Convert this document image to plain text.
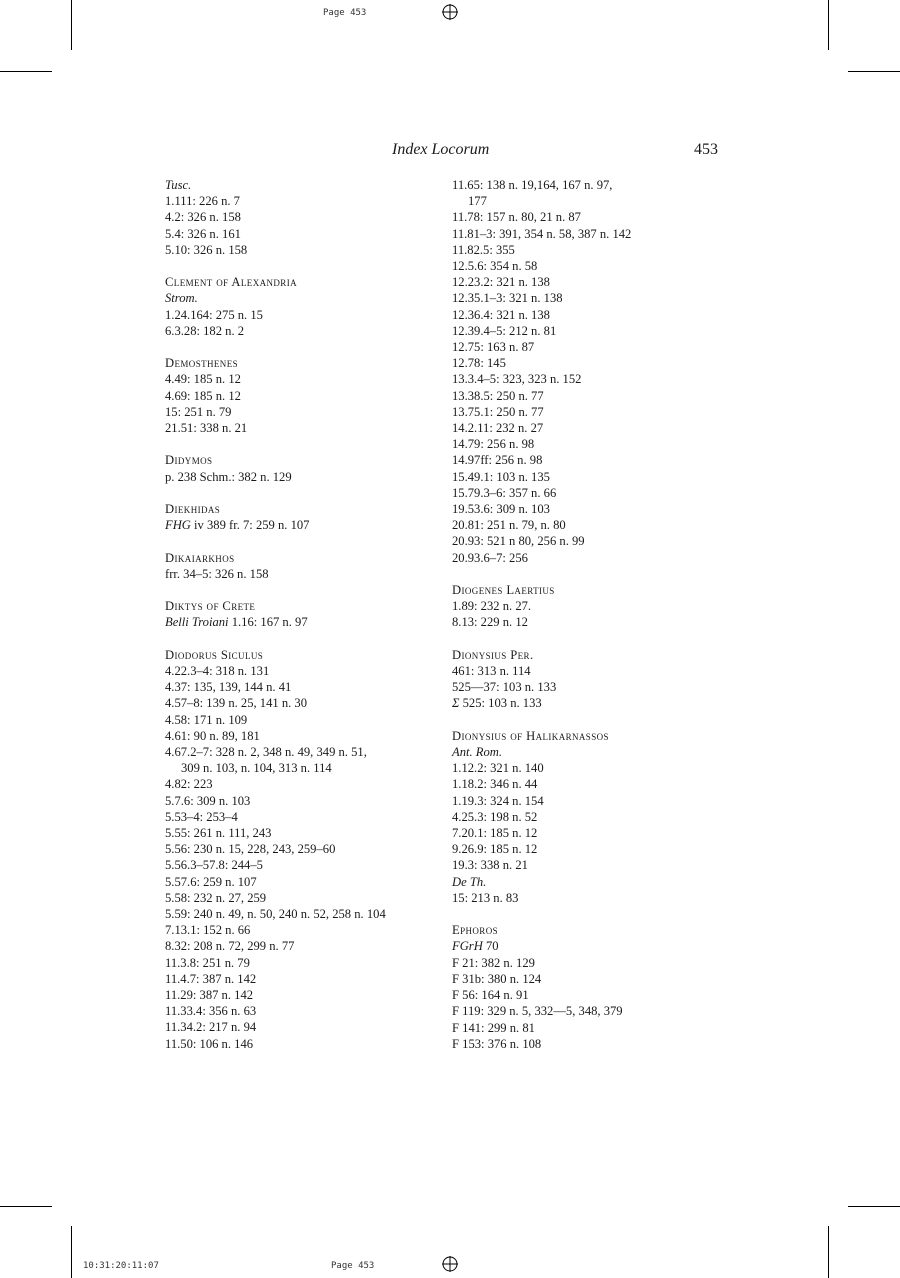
Page 453
10:31:20:11:07	Page 453
Index Locorum	453
Tusc.
1.111: 226 n. 7
4.2: 326 n. 158
5.4: 326 n. 161
5.10: 326 n. 158
Clement of Alexandria
Strom.
1.24.164: 275 n. 15
6.3.28: 182 n. 2
Demosthenes
4.49: 185 n. 12
4.69: 185 n. 12
15: 251 n. 79
21.51: 338 n. 21
Didymos
p. 238 Schm.: 382 n. 129
Diekhidas
FHG iv 389 fr. 7: 259 n. 107
Dikaiarkhos
frr. 34–5: 326 n. 158
Diktys of Crete
Belli Troiani 1.16: 167 n. 97
Diodorus Siculus
4.22.3–4: 318 n. 131
4.37: 135, 139, 144 n. 41
4.57–8: 139 n. 25, 141 n. 30
4.58: 171 n. 109
4.61: 90 n. 89, 181
4.67.2–7: 328 n. 2, 348 n. 49, 349 n. 51,
309 n. 103, n. 104, 313 n. 114
4.82: 223
5.7.6: 309 n. 103
5.53–4: 253–4
5.55: 261 n. 111, 243
5.56: 230 n. 15, 228, 243, 259–60
5.56.3–57.8: 244–5
5.57.6: 259 n. 107
5.58: 232 n. 27, 259
5.59: 240 n. 49, n. 50, 240 n. 52, 258 n. 104
7.13.1: 152 n. 66
8.32: 208 n. 72, 299 n. 77
11.3.8: 251 n. 79
11.4.7: 387 n. 142
11.29: 387 n. 142
11.33.4: 356 n. 63
11.34.2: 217 n. 94
11.50: 106 n. 146
11.65: 138 n. 19,164, 167 n. 97,
177
11.78: 157 n. 80, 21 n. 87
11.81–3: 391, 354 n. 58, 387 n. 142
11.82.5: 355
12.5.6: 354 n. 58
12.23.2: 321 n. 138
12.35.1–3: 321 n. 138
12.36.4: 321 n. 138
12.39.4–5: 212 n. 81
12.75: 163 n. 87
12.78: 145
13.3.4–5: 323, 323 n. 152
13.38.5: 250 n. 77
13.75.1: 250 n. 77
14.2.11: 232 n. 27
14.79: 256 n. 98
14.97ff: 256 n. 98
15.49.1: 103 n. 135
15.79.3–6: 357 n. 66
19.53.6: 309 n. 103
20.81: 251 n. 79, n. 80
20.93: 521 n 80, 256 n. 99
20.93.6–7: 256
Diogenes Laertius
1.89: 232 n. 27.
8.13: 229 n. 12
Dionysius Per.
461: 313 n. 114
525—37: 103 n. 133
Σ 525: 103 n. 133
Dionysius of Halikarnassos
Ant. Rom.
1.12.2: 321 n. 140
1.18.2: 346 n. 44
1.19.3: 324 n. 154
4.25.3: 198 n. 52
7.20.1: 185 n. 12
9.26.9: 185 n. 12
19.3: 338 n. 21
De Th.
15: 213 n. 83
Ephoros
FGrH 70
F 21: 382 n. 129
F 31b: 380 n. 124
F 56: 164 n. 91
F 119: 329 n. 5, 332—5, 348, 379
F 141: 299 n. 81
F 153: 376 n. 108
